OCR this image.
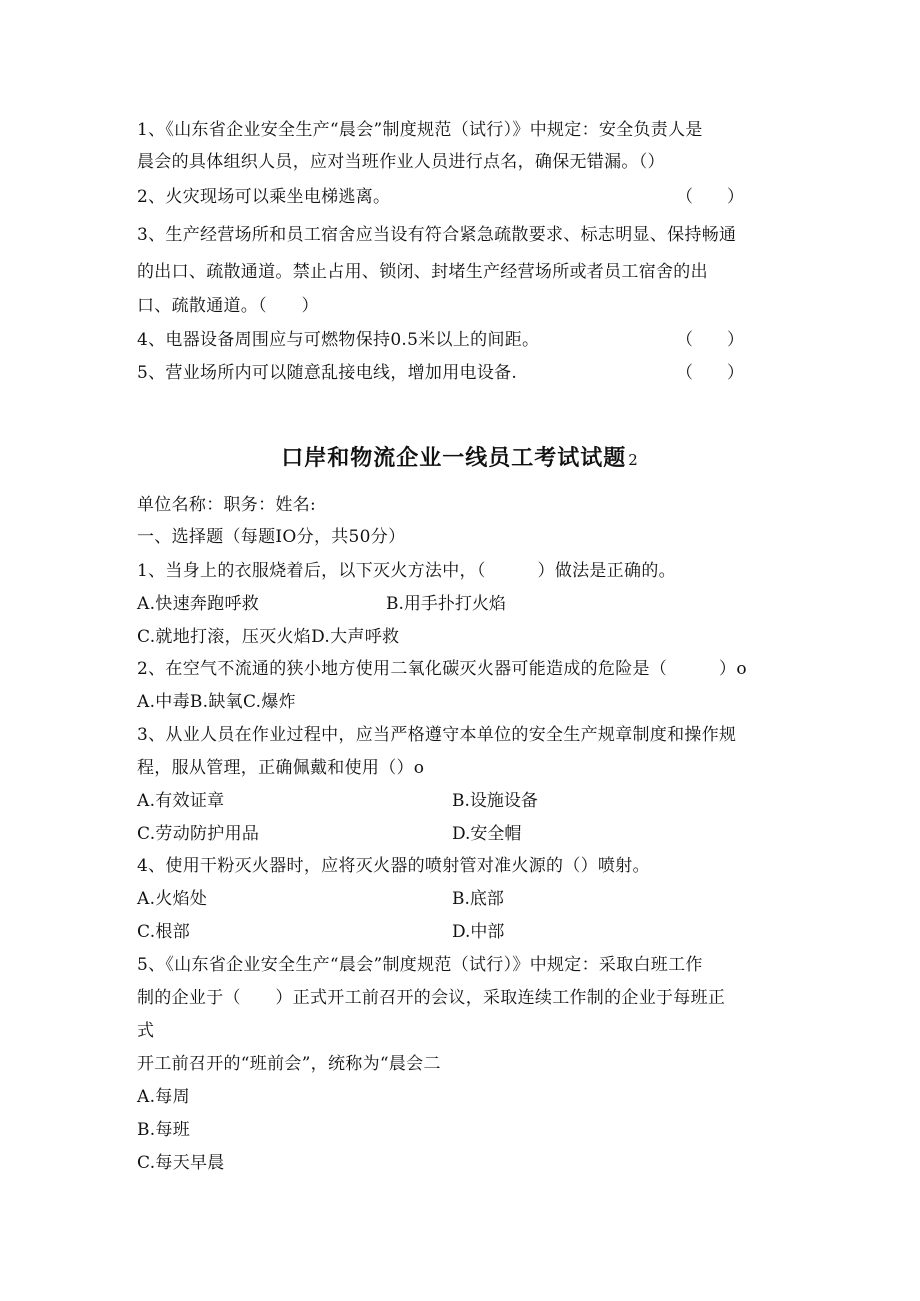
1、《山东省企业安全生产“晨会”制度规范（试行）》中规定：安全负责人是
晨会的具体组织人员，应对当班作业人员进行点名，确保无错漏。（）
2、火灾现场可以乘坐电梯逃离。	（　　）
3、生产经营场所和员工宿舍应当设有符合紧急疏散要求、标志明显、保持畅通
的出口、疏散通道。禁止占用、锁闭、封堵生产经营场所或者员工宿舍的出
口、疏散通道。（　　）
4、电器设备周围应与可燃物保持0.5米以上的间距。	（　　）
5、营业场所内可以随意乱接电线，增加用电设备.	（　　）
口岸和物流企业一线员工考试试题 2
单位名称：职务：姓名:
一、选择题（每题IO分，共50分）
1、当身上的衣服烧着后，以下灭火方法中，（　　　）做法是正确的。
A.快速奔跑呼救	B.用手扑打火焰
C.就地打滚，压灭火焰D.大声呼救
2、在空气不流通的狭小地方使用二氧化碳灭火器可能造成的危险是（　　　）o
A.中毒B.缺氧C.爆炸
3、从业人员在作业过程中，应当严格遵守本单位的安全生产规章制度和操作规
程，服从管理，正确佩戴和使用（）o
A.有效证章	B.设施设备
C.劳动防护用品	D.安全帽
4、使用干粉灭火器时，应将灭火器的喷射管对准火源的（）喷射。
A.火焰处	B.底部
C.根部	D.中部
5、《山东省企业安全生产“晨会”制度规范（试行）》中规定：采取白班工作
制的企业于（　　）正式开工前召开的会议，采取连续工作制的企业于每班正
式
开工前召开的“班前会”，统称为“晨会二
A.每周
B.每班
C.每天早晨
